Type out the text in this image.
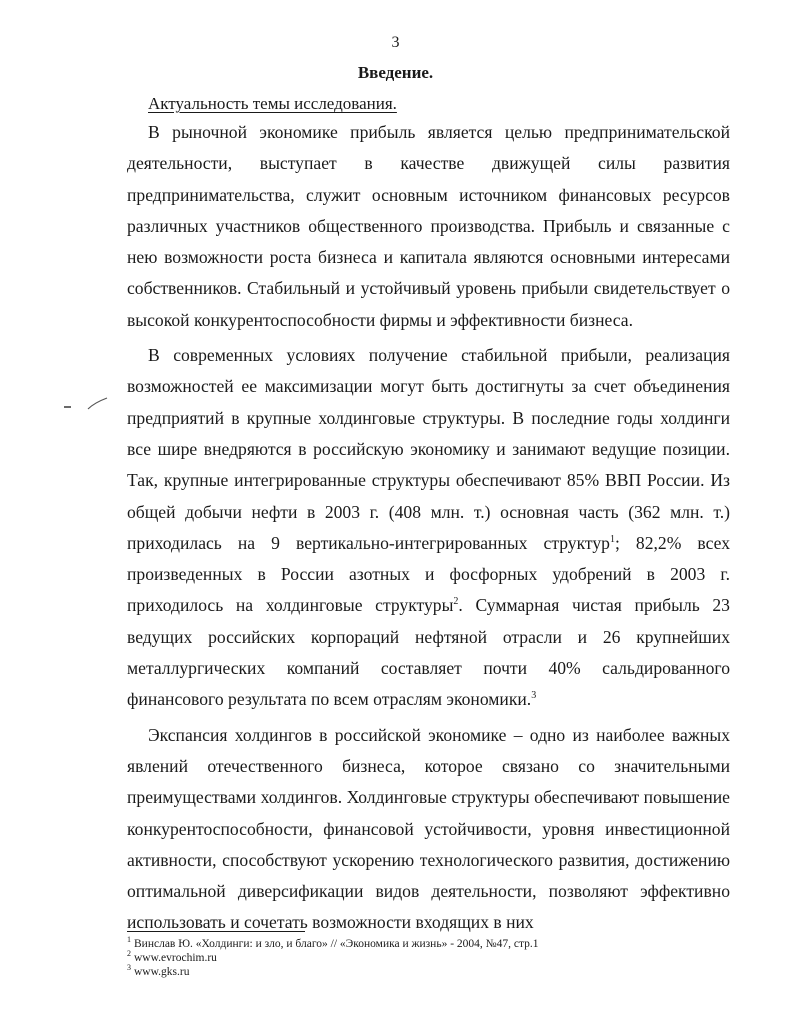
3
Введение.
Актуальность темы исследования.

В рыночной экономике прибыль является целью предпринимательской деятельности, выступает в качестве движущей силы развития предпринимательства, служит основным источником финансовых ресурсов различных участников общественного производства. Прибыль и связанные с нею возможности роста бизнеса и капитала являются основными интересами собственников. Стабильный и устойчивый уровень прибыли свидетельствует о высокой конкурентоспособности фирмы и эффективности бизнеса.

В современных условиях получение стабильной прибыли, реализация возможностей ее максимизации могут быть достигнуты за счет объединения предприятий в крупные холдинговые структуры. В последние годы холдинги все шире внедряются в российскую экономику и занимают ведущие позиции. Так, крупные интегрированные структуры обеспечивают 85% ВВП России. Из общей добычи нефти в 2003 г. (408 млн. т.) основная часть (362 млн. т.) приходилась на 9 вертикально-интегрированных структур$^1$; 82,2% всех произведенных в России азотных и фосфорных удобрений в 2003 г. приходилось на холдинговые структуры$^2$. Суммарная чистая прибыль 23 ведущих российских корпораций нефтяной отрасли и 26 крупнейших металлургических компаний составляет почти 40% сальдированного финансового результата по всем отраслям экономики.$^3$

Экспансия холдингов в российской экономике – одно из наиболее важных явлений отечественного бизнеса, которое связано со значительными преимуществами холдингов. Холдинговые структуры обеспечивают повышение конкурентоспособности, финансовой устойчивости, уровня инвестиционной активности, способствуют ускорению технологического развития, достижению оптимальной диверсификации видов деятельности, позволяют эффективно использовать и сочетать возможности входящих в них

$^1$ Винслав Ю. «Холдинги: и зло, и благо» // «Экономика и жизнь» - 2004, №47, стр.1

$^2$ www.evrochim.ru

$^3$ www.gks.ru
